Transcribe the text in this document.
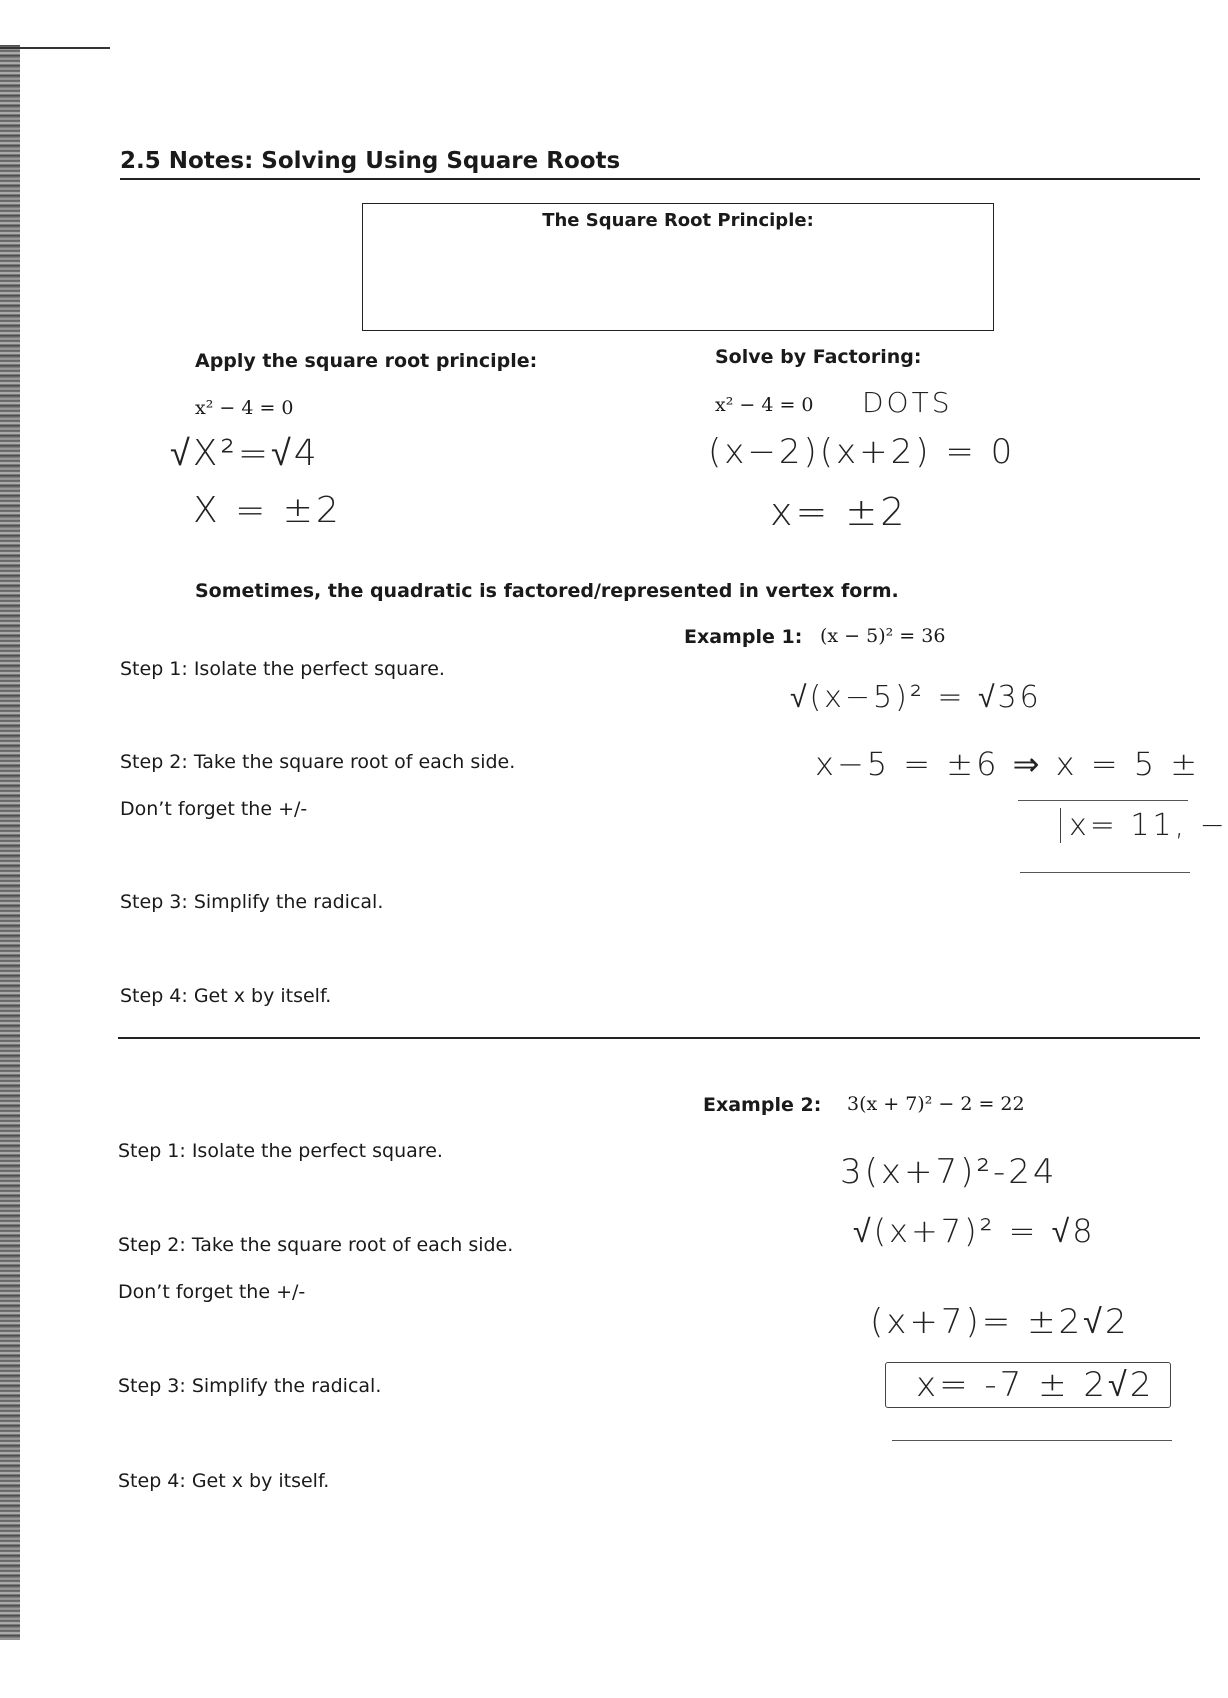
2.5 Notes: Solving Using Square Roots
The Square Root Principle:
Apply the square root principle:
x² − 4 = 0
√X²=√4
X = ±2
Solve by Factoring:
x² − 4 = 0 DOTS
(x−2)(x+2) = 0
x= ±2
Sometimes, the quadratic is factored/represented in vertex form.
Example 1: (x − 5)² = 36
Step 1: Isolate the perfect square.
Step 2: Take the square root of each side.
Don’t forget the +/-
Step 3: Simplify the radical.
Step 4: Get x by itself.
√(x−5)² = √36
x−5 = ±6 ⇒ x = 5 ±
x= 11, −
Example 2: 3(x + 7)² − 2 = 22
Step 1: Isolate the perfect square.
Step 2: Take the square root of each side.
Don’t forget the +/-
Step 3: Simplify the radical.
Step 4: Get x by itself.
3(x+7)²-24
√(x+7)² = √8
(x+7)= ±2√2
x= -7 ± 2√2
